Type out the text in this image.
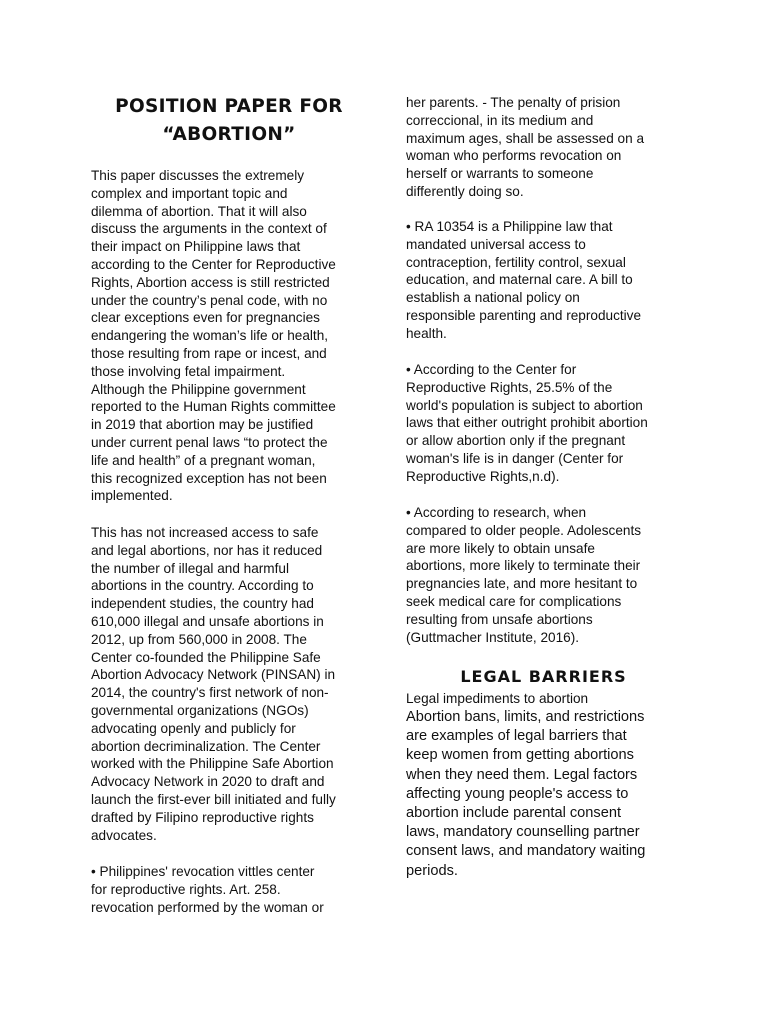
POSITION PAPER FOR
“ABORTION”

This paper discusses the extremely
complex and important topic and
dilemma of abortion. That it will also
discuss the arguments in the context of
their impact on Philippine laws that
according to the Center for Reproductive
Rights, Abortion access is still restricted
under the country’s penal code, with no
clear exceptions even for pregnancies
endangering the woman’s life or health,
those resulting from rape or incest, and
those involving fetal impairment.
Although the Philippine government
reported to the Human Rights committee
in 2019 that abortion may be justified
under current penal laws “to protect the
life and health” of a pregnant woman,
this recognized exception has not been
implemented.

This has not increased access to safe
and legal abortions, nor has it reduced
the number of illegal and harmful
abortions in the country. According to
independent studies, the country had
610,000 illegal and unsafe abortions in
2012, up from 560,000 in 2008. The
Center co-founded the Philippine Safe
Abortion Advocacy Network (PINSAN) in
2014, the country's first network of non-
governmental organizations (NGOs)
advocating openly and publicly for
abortion decriminalization. The Center
worked with the Philippine Safe Abortion
Advocacy Network in 2020 to draft and
launch the first-ever bill initiated and fully
drafted by Filipino reproductive rights
advocates.

• Philippines' revocation vittles center
for reproductive rights. Art. 258.
revocation performed by the woman or

her parents. - The penalty of prision
correccional, in its medium and
maximum ages, shall be assessed on a
woman who performs revocation on
herself or warrants to someone
differently doing so.

• RA 10354 is a Philippine law that
mandated universal access to
contraception, fertility control, sexual
education, and maternal care. A bill to
establish a national policy on
responsible parenting and reproductive
health.

• According to the Center for
Reproductive Rights, 25.5% of the
world's population is subject to abortion
laws that either outright prohibit abortion
or allow abortion only if the pregnant
woman's life is in danger (Center for
Reproductive Rights,n.d).

• According to research, when
compared to older people. Adolescents
are more likely to obtain unsafe
abortions, more likely to terminate their
pregnancies late, and more hesitant to
seek medical care for complications
resulting from unsafe abortions
(Guttmacher Institute, 2016).

LEGAL BARRIERS

Legal impediments to abortion

Abortion bans, limits, and restrictions
are examples of legal barriers that
keep women from getting abortions
when they need them. Legal factors
affecting young people's access to
abortion include parental consent
laws, mandatory counselling partner
consent laws, and mandatory waiting
periods.
